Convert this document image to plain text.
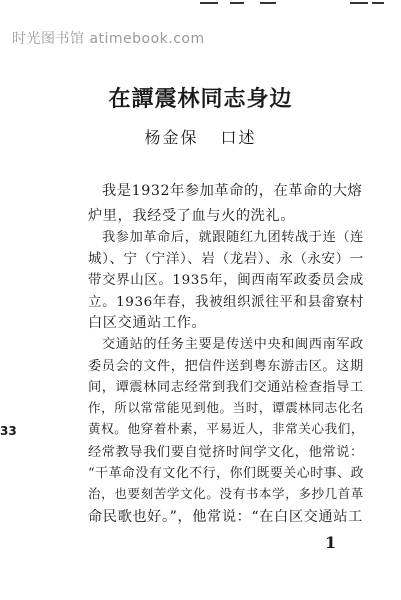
时光图书馆 atimebook.com
在譚震林同志身边
杨金保 口述
我是1932年参加革命的，在革命的大熔
炉里，我经受了血与火的洗礼。
我参加革命后，就跟随红九团转战于连（连
城）、宁（宁洋）、岩（龙岩）、永（永安）一
带交界山区。1935年，闽西南军政委员会成
立。1936年春，我被组织派往平和县畲寮村
白区交通站工作。
交通站的任务主要是传送中央和闽西南军政
委员会的文件，把信件送到粤东游击区。这期
间，谭震林同志经常到我们交通站检查指导工
作，所以常常能见到他。当时，谭震林同志化名
黄权。他穿着朴素，平易近人，非常关心我们，
经常教导我们要自觉挤时间学文化，他常说：
“干革命没有文化不行，你们既要关心时事、政
治，也要刻苦学文化。没有书本学，多抄几首革
命民歌也好。”，他常说：“在白区交通站工
33
1
